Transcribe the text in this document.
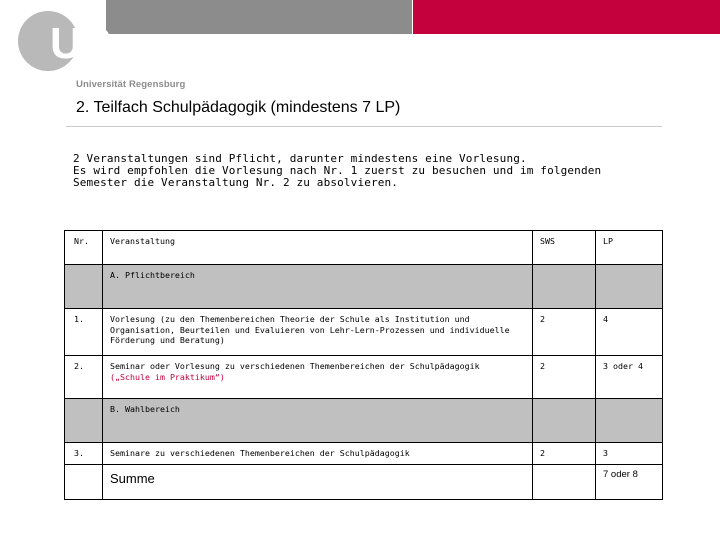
UR
Universität Regensburg
2. Teilfach Schulpädagogik (mindestens 7 LP)
2 Veranstaltungen sind Pflicht, darunter mindestens eine Vorlesung.
Es wird empfohlen die Vorlesung nach Nr. 1 zuerst zu besuchen und im folgenden
Semester die Veranstaltung Nr. 2 zu absolvieren.
Nr.	Veranstaltung	SWS	LP
	A. Pflichtbereich		
1.	Vorlesung (zu den Themenbereichen Theorie der Schule als Institution und Organisation, Beurteilen und Evaluieren von Lehr-Lern-Prozessen und individuelle Förderung und Beratung)	2	4
2.	Seminar oder Vorlesung zu verschiedenen Themenbereichen der Schulpädagogik
(„Schule im Praktikum“)	2	3 oder 4
	B. Wahlbereich		
3.	Seminare zu verschiedenen Themenbereichen der Schulpädagogik	2	3
	Summe		7 oder 8
